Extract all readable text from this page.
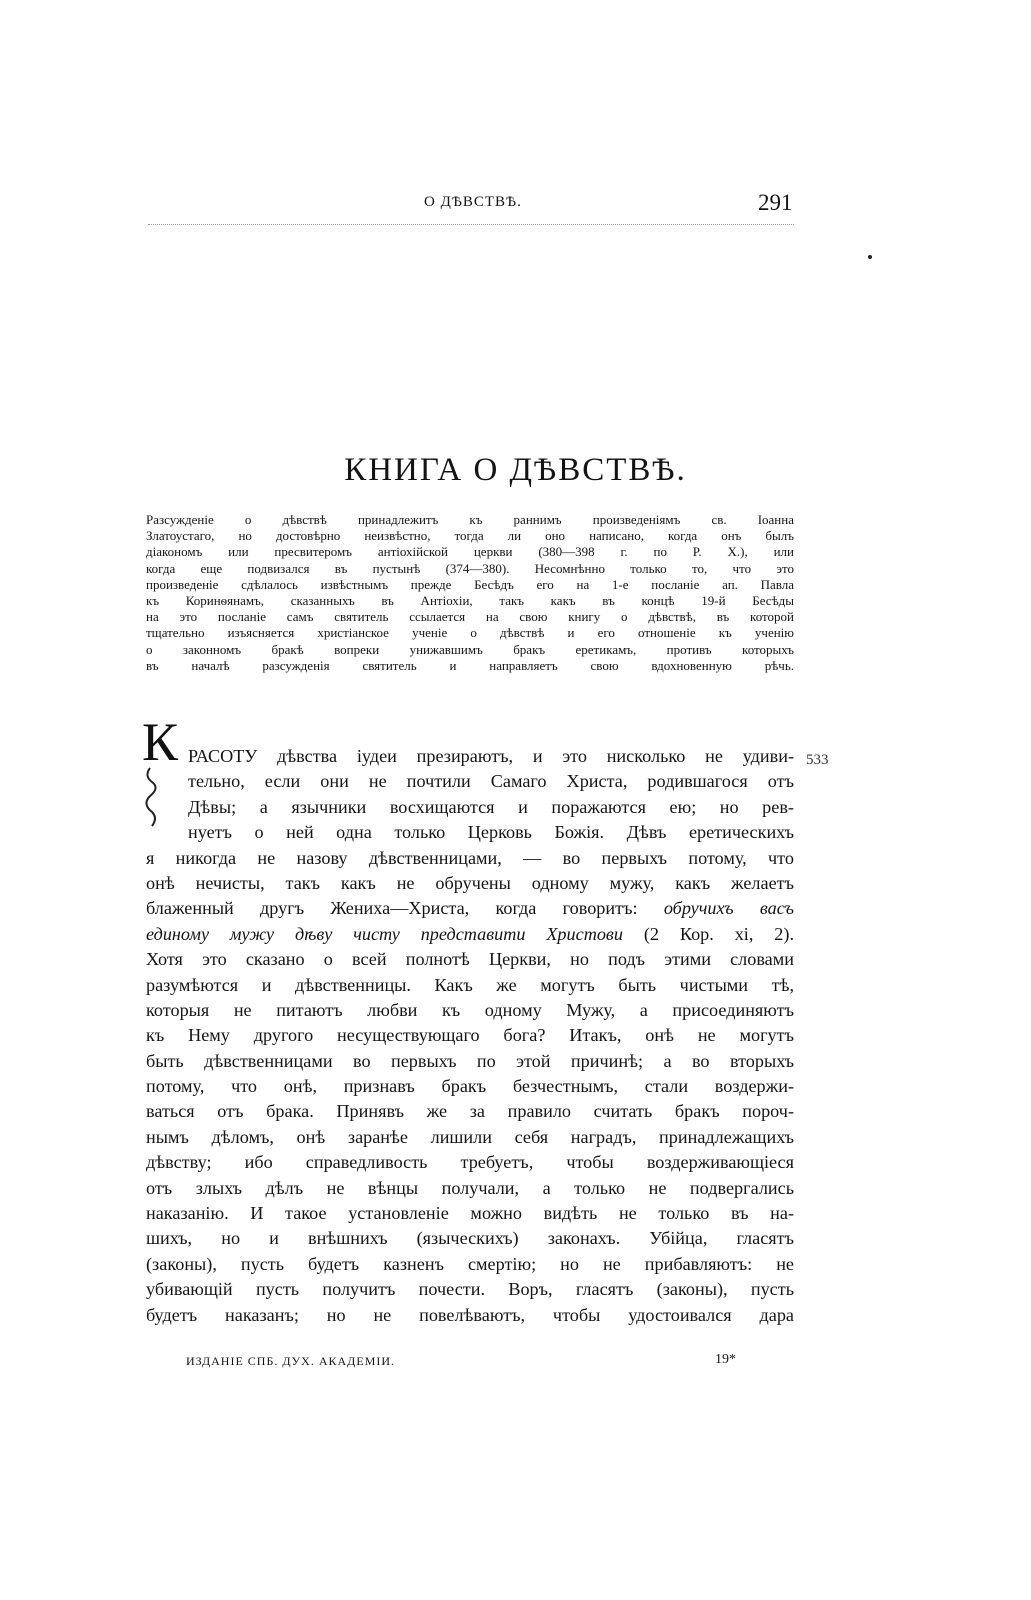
О ДѢВСТВѢ.	291
КНИГА О ДѢВСТВѢ.
Разсужденіе о дѣвствѣ принадлежитъ къ раннимъ произведеніямъ св. Іоанна
Златоустаго, но достовѣрно неизвѣстно, тогда ли оно написано, когда онъ былъ
діакономъ или пресвитеромъ антіохійской церкви (380—398 г. по Р. Х.), или
когда еще подвизался въ пустынѣ (374—380). Несомнѣнно только то, что это
произведеніе сдѣлалось извѣстнымъ прежде Бесѣдъ его на 1-е посланіе ап. Павла
къ Коринѳянамъ, сказанныхъ въ Антіохіи, такъ какъ въ концѣ 19-й Бесѣды
на это посланіе самъ святитель ссылается на свою книгу о дѣвствѣ, въ которой
тщательно изъясняется христіанское ученіе о дѣвствѣ и его отношеніе къ ученію
о законномъ бракѣ вопреки унижавшимъ бракъ еретикамъ, противъ которыхъ
въ началѣ разсужденія святитель и направляетъ свою вдохновенную рѣчь.
К	533
РАСОТУ дѣвства іудеи презираютъ, и это нисколько не удиви-
тельно, если они не почтили Самаго Христа, родившагося отъ
Дѣвы; а язычники восхищаются и поражаются ею; но рев-
нуетъ о ней одна только Церковь Божія. Дѣвъ еретическихъ
я никогда не назову дѣвственницами, — во первыхъ потому, что
онѣ нечисты, такъ какъ не обручены одному мужу, какъ желаетъ
блаженный другъ Жениха—Христа, когда говоритъ: обручихъ васъ
единому мужу дѣву чисту представити Христови (2 Кор. xi, 2).
Хотя это сказано о всей полнотѣ Церкви, но подъ этими словами
разумѣются и дѣвственницы. Какъ же могутъ быть чистыми тѣ,
которыя не питаютъ любви къ одному Мужу, а присоединяютъ
къ Нему другого несуществующаго бога? Итакъ, онѣ не могутъ
быть дѣвственницами во первыхъ по этой причинѣ; а во вторыхъ
потому, что онѣ, признавъ бракъ безчестнымъ, стали воздержи-
ваться отъ брака. Принявъ же за правило считать бракъ пороч-
нымъ дѣломъ, онѣ заранѣе лишили себя наградъ, принадлежащихъ
дѣвству; ибо справедливость требуетъ, чтобы воздерживающіеся
отъ злыхъ дѣлъ не вѣнцы получали, а только не подвергались
наказанію. И такое установленіе можно видѣть не только въ на-
шихъ, но и внѣшнихъ (языческихъ) законахъ. Убійца, гласятъ
(законы), пусть будетъ казненъ смертію; но не прибавляютъ: не
убивающій пусть получитъ почести. Воръ, гласятъ (законы), пусть
будетъ наказанъ; но не повелѣваютъ, чтобы удостоивался дара
ИЗДАНІЕ СПБ. ДУХ. АКАДЕМІИ.	19*
